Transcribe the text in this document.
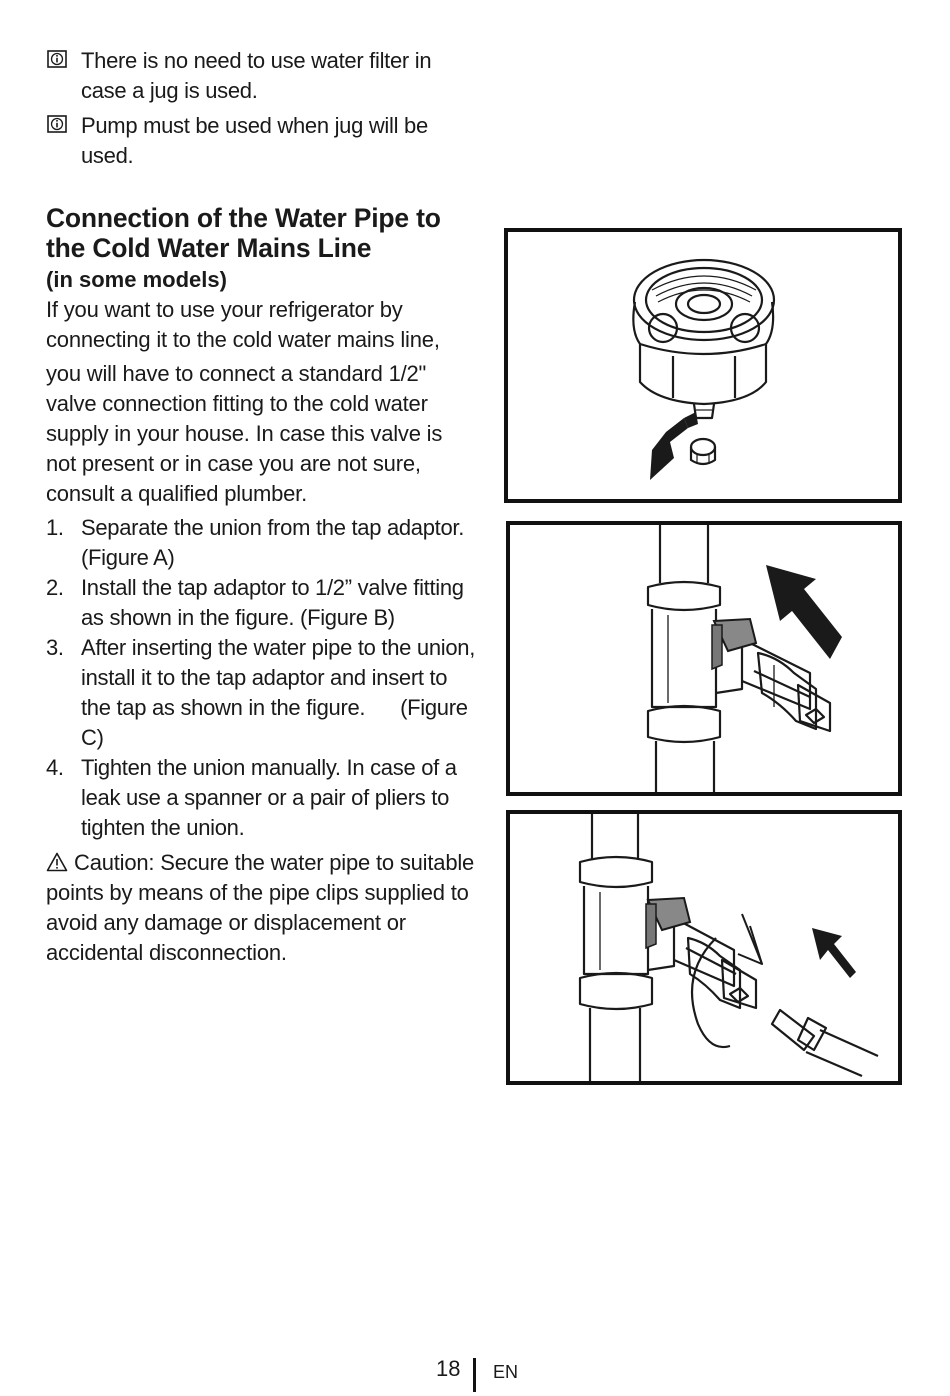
There is no need to use water filter in case a jug is used.
Pump must be used when jug will be used.
Connection of the Water Pipe to the Cold Water Mains Line
(in some models)
If you want to use your refrigerator by connecting it to the cold water mains line,
you will have to connect a standard 1/2" valve connection fitting to the cold water supply in your house. In case this valve is not present or in case you are not sure, consult a qualified plumber.
1. Separate the union from the tap adaptor. (Figure A)
2. Install the tap adaptor to 1/2” valve fitting as shown in the figure. (Figure B)
3. After inserting the water pipe to the union, install it to the tap adaptor and insert to the tap as shown in the figure.      (Figure C)
4. Tighten the union manually. In case of a leak use a spanner or a pair of pliers to tighten the union.
Caution: Secure the water pipe to suitable points by means of the pipe clips supplied to avoid any damage or displacement or accidental disconnection.
18 EN
